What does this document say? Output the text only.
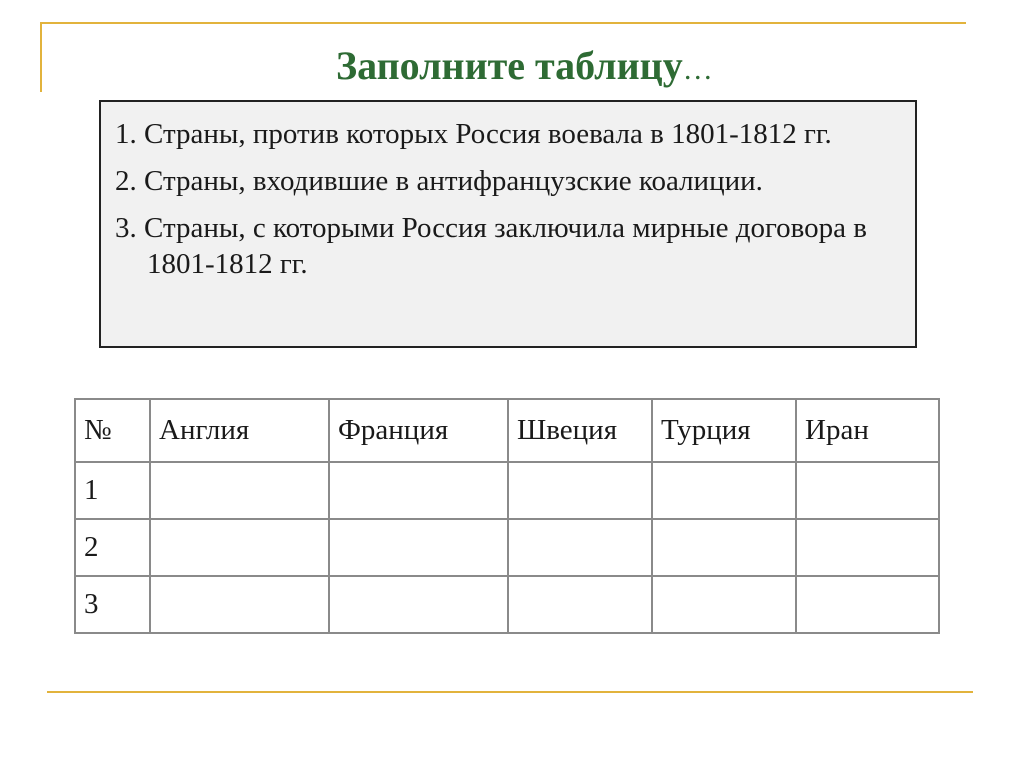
Заполните таблицу…
1. Страны, против которых Россия воевала в 1801-1812 гг.
2. Страны, входившие в антифранцузские коалиции.
3. Страны, с которыми Россия заключила мирные договора в 1801-1812 гг.
№	Англия	Франция	Швеция	Турция	Иран
1					
2					
3					
